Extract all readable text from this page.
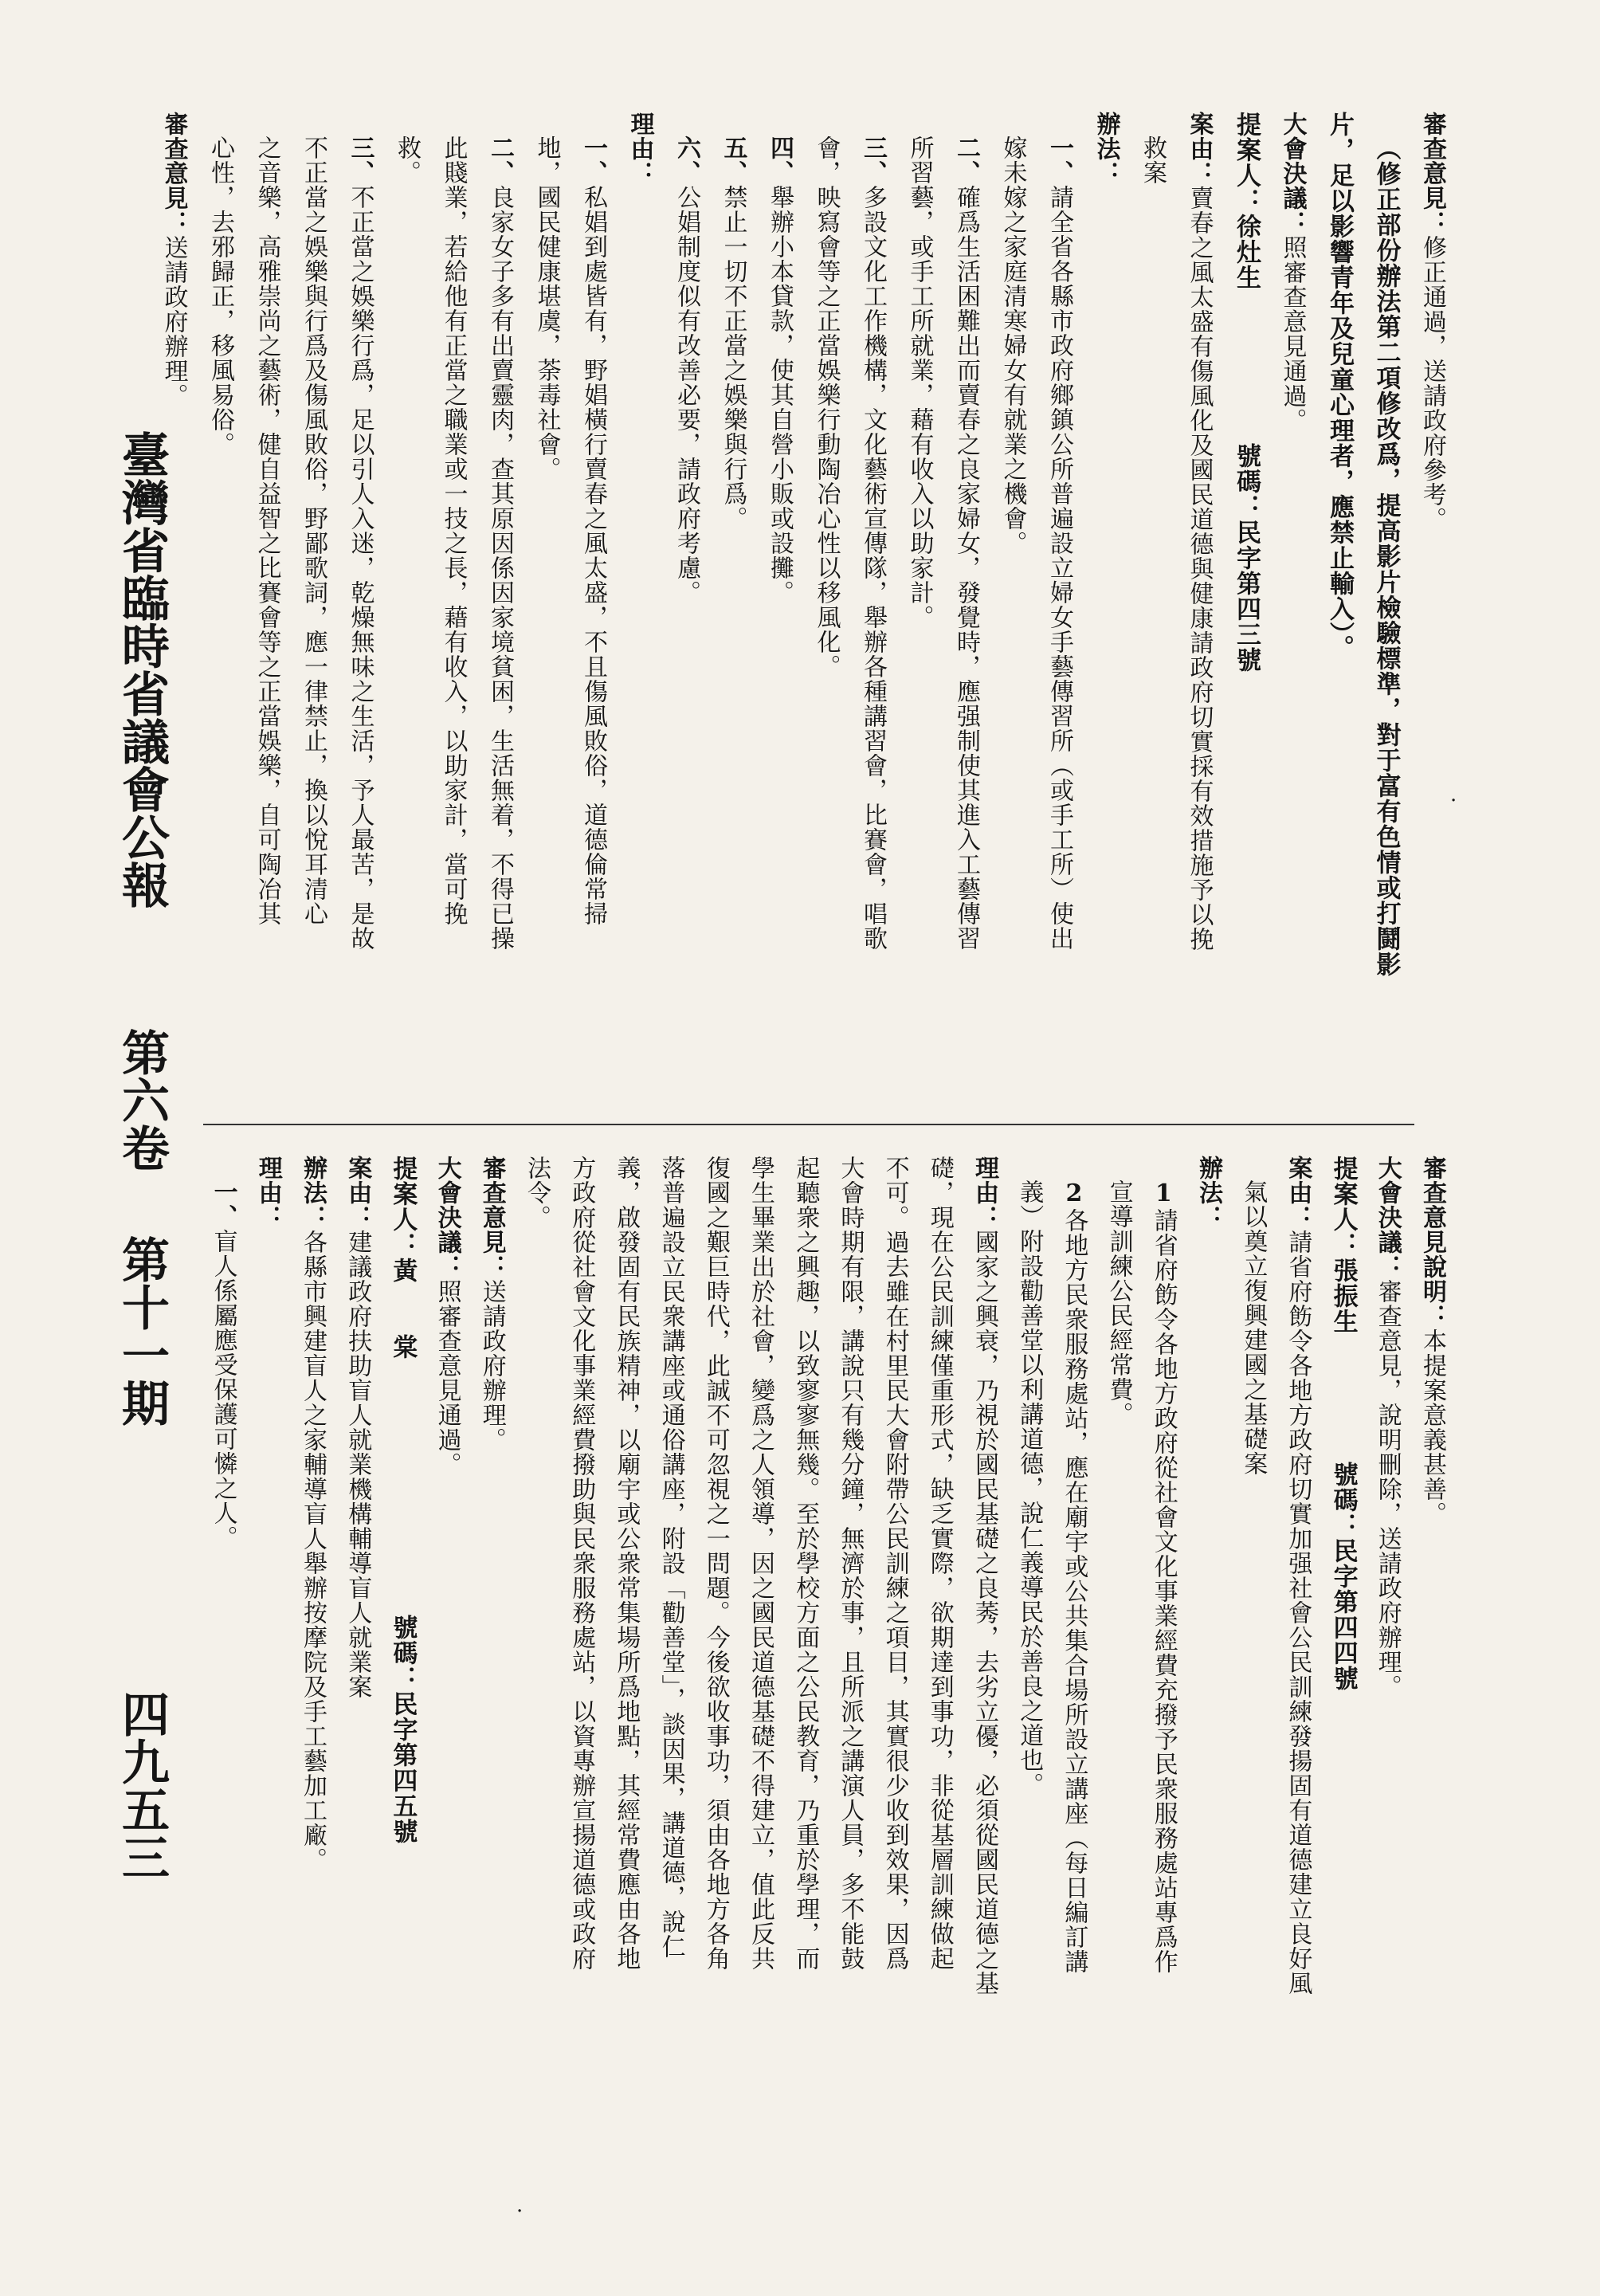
臺灣省臨時省議會公報
第六卷
第十一期
四九五三
審查意見：修正通過，送請政府參考。
（修正部份辦法第二項修改爲，提高影片檢驗標準，對于富有色情或打鬪影
片，足以影響青年及兒童心理者，應禁止輸入）。
大會決議：照審查意見通過。
提案人：徐灶生　　　　　　號碼：民字第四三號
案由：賣春之風太盛有傷風化及國民道德與健康請政府切實採有效措施予以挽
救案
辦法：
一、請全省各縣市政府鄉鎮公所普遍設立婦女手藝傳習所（或手工所）使出
嫁未嫁之家庭清寒婦女有就業之機會。
二、確爲生活困難出而賣春之良家婦女，發覺時，應强制使其進入工藝傳習
所習藝，或手工所就業，藉有收入以助家計。
三、多設文化工作機構，文化藝術宣傳隊，舉辦各種講習會，比賽會，唱歌
會，映寫會等之正當娛樂行動陶冶心性以移風化。
四、舉辦小本貸款，使其自營小販或設攤。
五、禁止一切不正當之娛樂與行爲。
六、公娼制度似有改善必要，請政府考慮。
理由：
一、私娼到處皆有，野娼橫行賣春之風太盛，不且傷風敗俗，道德倫常掃
地，國民健康堪虞，荼毒社會。
二、良家女子多有出賣靈肉，查其原因係因家境貧困，生活無着，不得已操
此賤業，若給他有正當之職業或一技之長，藉有收入，以助家計，當可挽
救。
三、不正當之娛樂行爲，足以引人入迷，乾燥無味之生活，予人最苦，是故
不正當之娛樂與行爲及傷風敗俗，野鄙歌詞，應一律禁止，換以悅耳清心
之音樂，高雅崇尚之藝術，健自益智之比賽會等之正當娛樂，自可陶冶其
心性，去邪歸正，移風易俗。
審查意見：送請政府辦理。
審查意見說明：本提案意義甚善。
大會決議：審查意見，說明刪除，送請政府辦理。
提案人：張振生　　　　　號碼：民字第四四號
案由：請省府飭令各地方政府切實加强社會公民訓練發揚固有道德建立良好風
氣以奠立復興建國之基礎案
辦法：
1請省府飭令各地方政府從社會文化事業經費充撥予民衆服務處站專爲作
宣導訓練公民經常費。
2各地方民衆服務處站，應在廟宇或公共集合場所設立講座（每日編訂講
義）附設勸善堂以利講道德，說仁義導民於善良之道也。
理由：國家之興衰，乃視於國民基礎之良莠，去劣立優，必須從國民道德之基
礎，現在公民訓練僅重形式，缺乏實際，欲期達到事功，非從基層訓練做起
不可。過去雖在村里民大會附帶公民訓練之項目，其實很少收到效果，因爲
大會時期有限，講說只有幾分鐘，無濟於事，且所派之講演人員，多不能鼓
起聽衆之興趣，以致寥寥無幾。至於學校方面之公民教育，乃重於學理，而
學生畢業出於社會，變爲之人領導，因之國民道德基礎不得建立，值此反共
復國之艱巨時代，此誠不可忽視之一問題。今後欲收事功，須由各地方各角
落普遍設立民衆講座或通俗講座，附設「勸善堂」，談因果，講道德，說仁
義，啟發固有民族精神，以廟宇或公衆常集場所爲地點，其經常費應由各地
方政府從社會文化事業經費撥助與民衆服務處站，以資專辦宣揚道德或政府
法令。
審查意見：送請政府辦理。
大會決議：照審查意見通過。
提案人：黃　　棠　　　　　　　　　　號碼：民字第四五號
案由：建議政府扶助盲人就業機構輔導盲人就業案
辦法：各縣市興建盲人之家輔導盲人舉辦按摩院及手工藝加工廠。
理由：
一、盲人係屬應受保護可憐之人。
·
·
